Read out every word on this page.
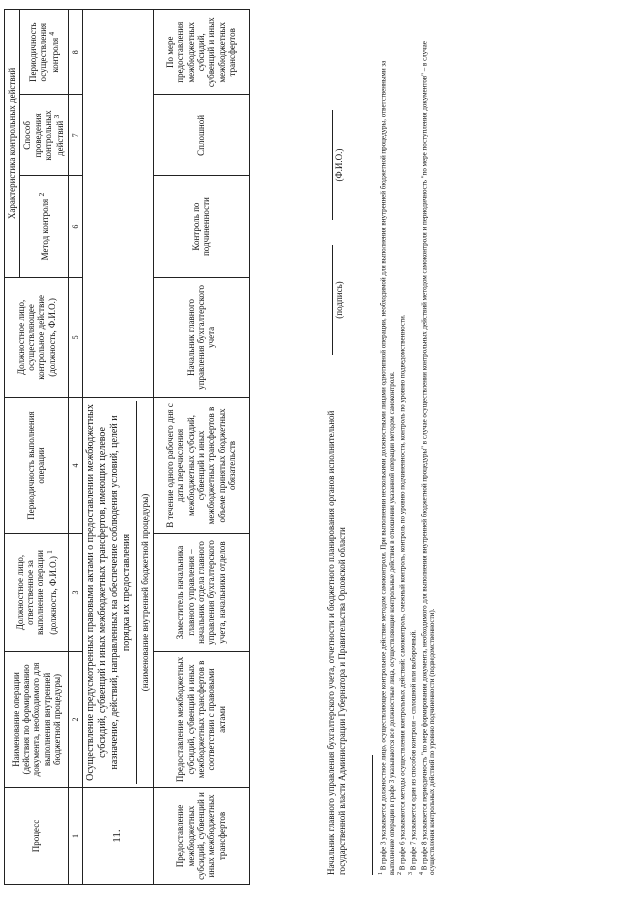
Процесс	Наименование операции (действия по формированию документа, необходимого для выполнения внутренней бюджетной процедуры)	Должностное лицо, ответственное за выполнение операции (должность, Ф.И.О.) $^1$	Периодичность выполнения операции	Должностное лицо, осуществляющее контрольное действие (должность, Ф.И.О.)	Характеристика контрольных действий		
					Метод контроля $^2$	Способ проведения контрольных действий $^3$	Периодичность осуществления контроля $^4$
1	2	3	4	5	6	7	8
11.	Осуществление предусмотренных правовыми актами о предоставлении межбюджетных субсидий, субвенций и иных межбюджетных трансфертов, имеющих целевое назначение, действий, направленных на обеспечение соблюдения условий, целей и порядка их предоставления (наименование внутренней бюджетной процедуры)						

Предоставление межбюджетных субсидий, субвенций и иных межбюджетных трансфертов	Предоставление межбюджетных субсидий, субвенций и иных межбюджетных трансфертов в соответствии с правовыми актами	Заместитель начальника главного управления – начальник отдела главного управления бухгалтерского учета, начальники отделов	В течение одного рабочего дня с даты перечисления межбюджетных субсидий, субвенций и иных межбюджетных трансфертов в объеме принятых бюджетных обязательств	Начальник главного управления бухгалтерского учета	Контроль по подчиненности	Сплошной	По мере предоставления межбюджетных субсидий, субвенций и иных межбюджетных трансфертов
Начальник главного управления бухгалтерского учета, отчетности и бюджетного планирования органов исполнительной государственной власти Администрации Губернатора и Правительства Орловской области
(подпись)
(Ф.И.О.)

$^1$ В графе 3 указывается должностное лицо, осуществляющее контрольное действие методом самоконтроля. При выполнении несколькими должностными лицами однотипной операции, необходимой для выполнения внутренней бюджетной процедуры, ответственными за выполнение операции в графе 3 указываются все должностные лица, осуществляющие контрольные действия в отношении указанной операции методом самоконтроля. $^2$ В графе 6 указываются методы осуществления контрольных действий: самоконтроль, смежный контроль, контроль по уровню подчиненности, контроль по уровню подведомственности.

$^3$ В графе 7 указывается один из способов контроля – сплошной или выборочный.

$^4$ В графе 8 указывается периодичность "по мере формирования документа, необходимого для выполнения внутренней бюджетной процедуры" в случае осуществления контрольных действий методом самоконтроля и периодичность "по мере поступления документов" – в случае осуществления контрольных действий по уровню подчиненности (подведомственности).
